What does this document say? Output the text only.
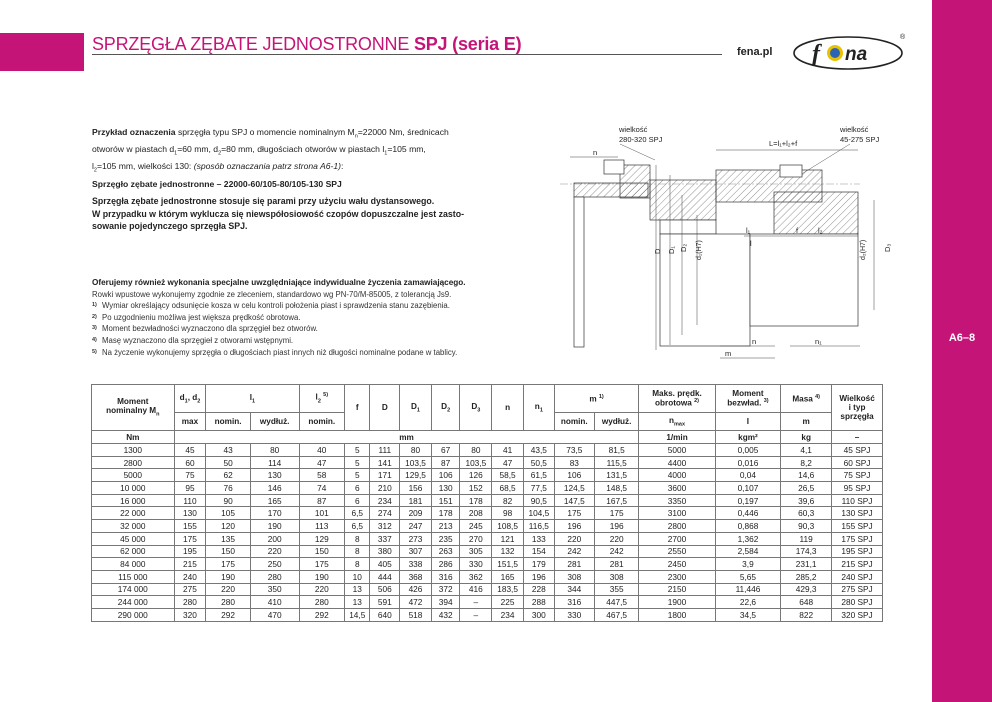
A6–8
SPRZĘGŁA ZĘBATE JEDNOSTRONNE SPJ (seria E)	fena.pl f na
®
Przykład oznaczenia sprzęgła typu SPJ o momencie nominalnym $M_n=22000$ Nm, średnicach
otworów w piastach $d_1=60$ mm, $d_2=80$ mm, długościach otworów w piastach $l_1=105$ mm,
$l_2=105$ mm, wielkości 130: (sposób oznaczania patrz strona A6-1):
Sprzęgło zębate jednostronne – 22000-60/105-80/105-130 SPJ
Sprzęgła zębate jednostronne stosuje się parami przy użyciu wału dystansowego.
W przypadku w którym wyklucza się niewspółosiowość czopów dopuszczalne jest zasto-
sowanie pojedynczego sprzęgła SPJ.
Oferujemy również wykonania specjalne uwzględniające indywidualne życzenia zamawiającego.
Rowki wpustowe wykonujemy zgodnie ze zleceniem, standardowo wg PN-70/M-85005, z tolerancją Js9.
1) Wymiar określający odsunięcie kosza w celu kontroli położenia piast i sprawdzenia stanu zazębienia.
2) Po uzgodnieniu możliwa jest większa prędkość obrotowa.
3) Moment bezwładności wyznaczono dla sprzęgieł bez otworów.
4) Masę wyznaczono dla sprzęgieł z otworami wstępnymi.
5) Na życzenie wykonujemy sprzęgła o długościach piast innych niż długości nominalne podane w tablicy.
wielkość
280-320 SPJ
wielkość
45-275 SPJ
L=l₁+l₂+f
n
D D₁ D₂ d₁(H7)	d₂(H7) D₃
l₁	f	l₂
l
n	n₁
m
Moment
nominalny $M_n$	$d_1$, $d_2$	$l_1$		$l_2$ $^{5)}$	f	D	$D_1$	$D_2$	$D_3$	n	$n_1$	m $^{1)}$		Maks. prędk.
obrotowa $^{2)}$	Moment
bezwład. $^{3)}$	Masa $^{4)}$	Wielkość
i typ
sprzęgła
	max	nomin.	wydłuż.	nomin.								nomin.	wydłuż.	$n_{max}$	I	m	
Nm	mm													1/min	kgm²	kg	–
1300	45	43	80	40	5	111	80	67	80	41	43,5	73,5	81,5	5000	0,005	4,1	45 SPJ
2800	60	50	114	47	5	141	103,5	87	103,5	47	50,5	83	115,5	4400	0,016	8,2	60 SPJ
5000	75	62	130	58	5	171	129,5	106	126	58,5	61,5	106	131,5	4000	0,04	14,6	75 SPJ
10 000	95	76	146	74	6	210	156	130	152	68,5	77,5	124,5	148,5	3600	0,107	26,5	95 SPJ
16 000	110	90	165	87	6	234	181	151	178	82	90,5	147,5	167,5	3350	0,197	39,6	110 SPJ
22 000	130	105	170	101	6,5	274	209	178	208	98	104,5	175	175	3100	0,446	60,3	130 SPJ
32 000	155	120	190	113	6,5	312	247	213	245	108,5	116,5	196	196	2800	0,868	90,3	155 SPJ
45 000	175	135	200	129	8	337	273	235	270	121	133	220	220	2700	1,362	119	175 SPJ
62 000	195	150	220	150	8	380	307	263	305	132	154	242	242	2550	2,584	174,3	195 SPJ
84 000	215	175	250	175	8	405	338	286	330	151,5	179	281	281	2450	3,9	231,1	215 SPJ
115 000	240	190	280	190	10	444	368	316	362	165	196	308	308	2300	5,65	285,2	240 SPJ
174 000	275	220	350	220	13	506	426	372	416	183,5	228	344	355	2150	11,446	429,3	275 SPJ
244 000	280	280	410	280	13	591	472	394	–	225	288	316	447,5	1900	22,6	648	280 SPJ
290 000	320	292	470	292	14,5	640	518	432	–	234	300	330	467,5	1800	34,5	822	320 SPJ
